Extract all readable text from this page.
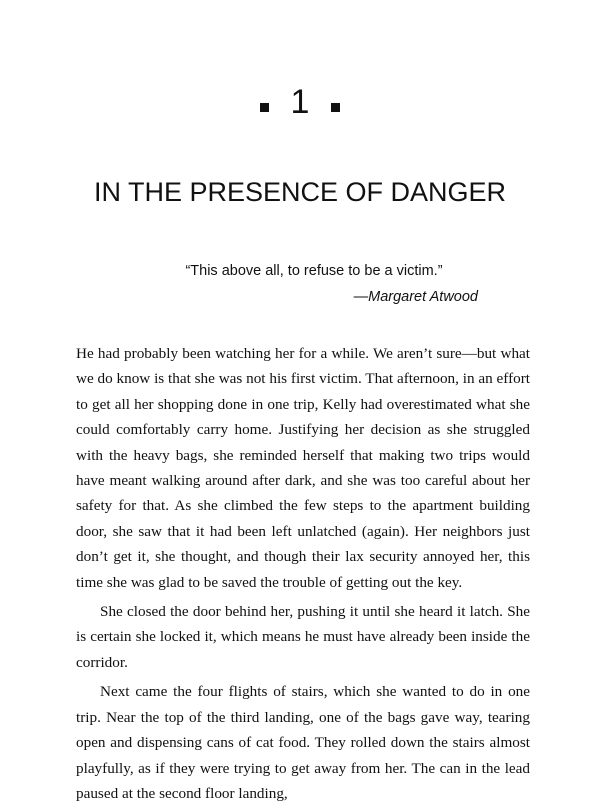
1
IN THE PRESENCE OF DANGER
“This above all, to refuse to be a victim.”
—Margaret Atwood

He had probably been watching her for a while. We aren’t sure—but what we do know is that she was not his first victim. That afternoon, in an effort to get all her shopping done in one trip, Kelly had overestimated what she could comfortably carry home. Justifying her decision as she struggled with the heavy bags, she reminded herself that making two trips would have meant walking around after dark, and she was too careful about her safety for that. As she climbed the few steps to the apartment building door, she saw that it had been left unlatched (again). Her neighbors just don’t get it, she thought, and though their lax security annoyed her, this time she was glad to be saved the trouble of getting out the key.

She closed the door behind her, pushing it until she heard it latch. She is certain she locked it, which means he must have already been inside the corridor.

Next came the four flights of stairs, which she wanted to do in one trip. Near the top of the third landing, one of the bags gave way, tearing open and dispensing cans of cat food. They rolled down the stairs almost playfully, as if they were trying to get away from her. The can in the lead paused at the second floor landing,
